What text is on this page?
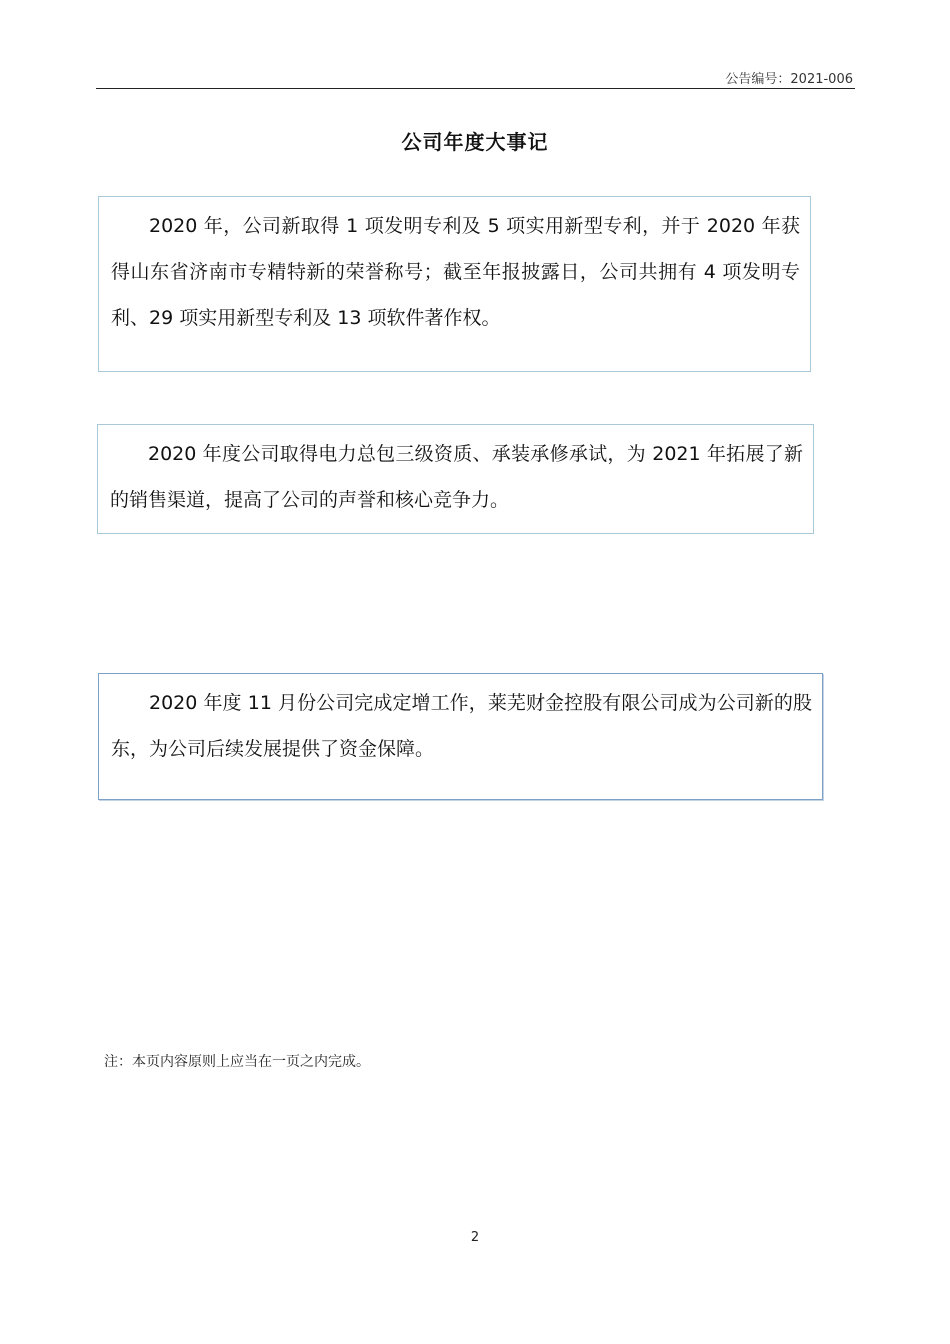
公告编号：2021-006
公司年度大事记
2020 年，公司新取得 1 项发明专利及 5 项实用新型专利，并于 2020 年获得山东省济南市专精特新的荣誉称号；截至年报披露日，公司共拥有 4 项发明专利、29 项实用新型专利及 13 项软件著作权。
2020 年度公司取得电力总包三级资质、承装承修承试，为 2021 年拓展了新的销售渠道，提高了公司的声誉和核心竞争力。
2020 年度 11 月份公司完成定增工作，莱芜财金控股有限公司成为公司新的股东，为公司后续发展提供了资金保障。
注：本页内容原则上应当在一页之内完成。
2
